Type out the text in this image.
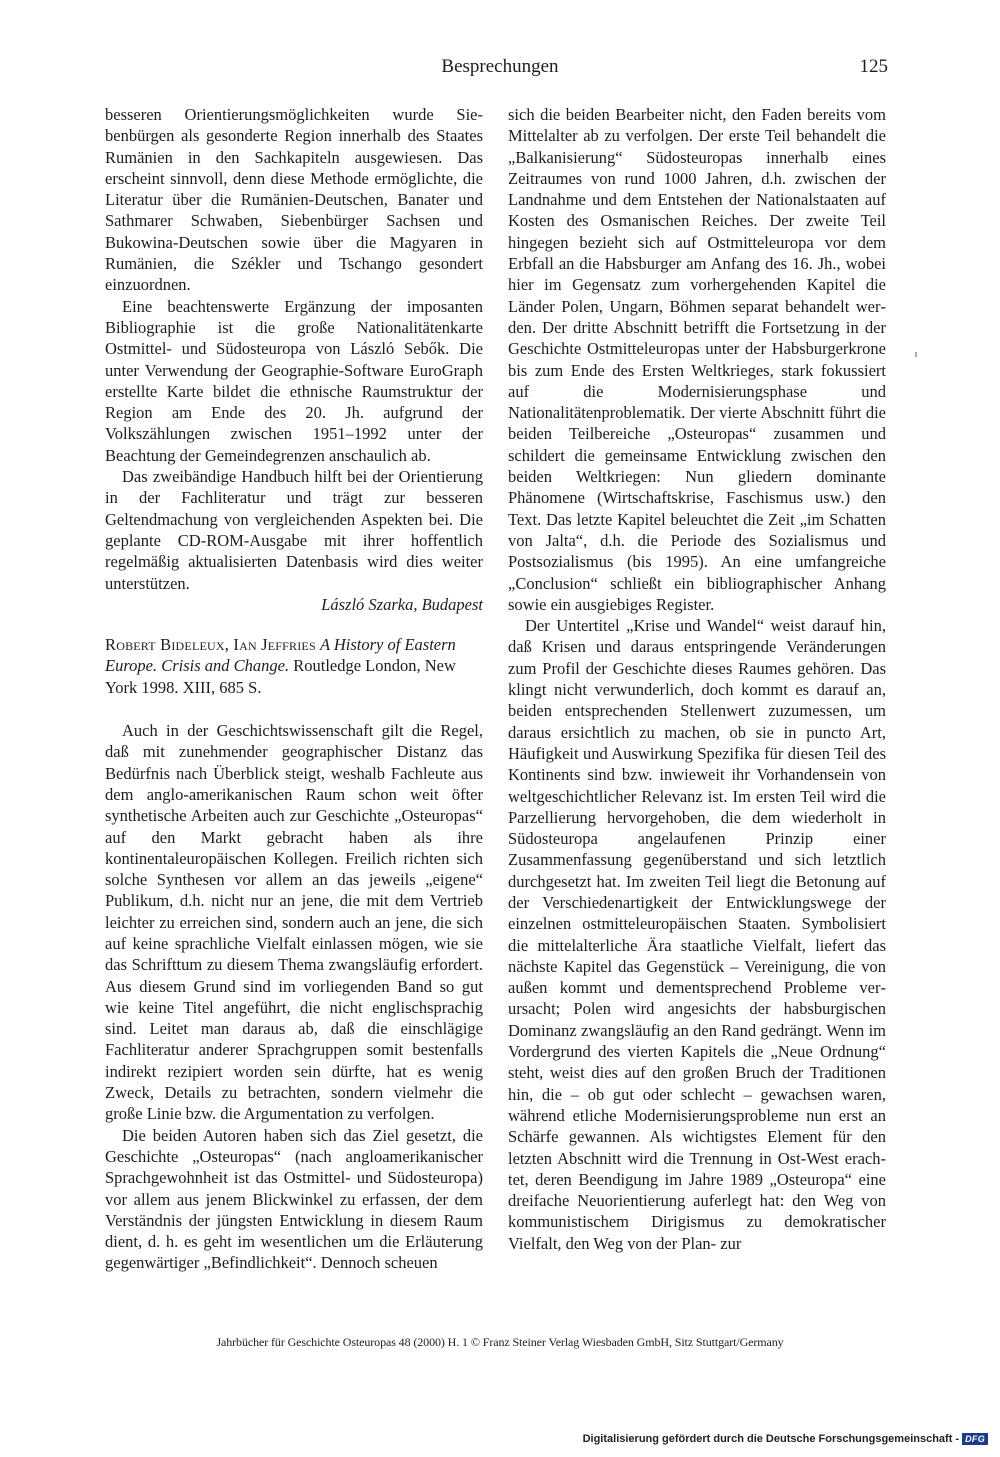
Besprechungen	125

besseren Orientierungsmöglichkeiten wurde Siebenbürgen als gesonderte Region innerhalb des Staates Rumänien in den Sachkapiteln ausgewiesen. Das erscheint sinnvoll, denn diese Methode ermöglichte, die Literatur über die Rumänien-Deutschen, Banater und Sathmarer Schwaben, Siebenbürger Sachsen und Bukowina-Deutschen sowie über die Magyaren in Rumänien, die Székler und Tschango gesondert einzuordnen.

Eine beachtenswerte Ergänzung der imposanten Bibliographie ist die große Nationalitätenkarte Ostmittel- und Südosteuropa von László Sebők. Die unter Verwendung der Geographie-Software EuroGraph erstellte Karte bildet die ethnische Raumstruktur der Region am Ende des 20. Jh. aufgrund der Volkszählungen zwischen 1951–1992 unter der Beachtung der Gemeindegrenzen anschaulich ab.

Das zweibändige Handbuch hilft bei der Orientierung in der Fachliteratur und trägt zur besseren Geltendmachung von vergleichenden Aspekten bei. Die geplante CD-ROM-Ausgabe mit ihrer hoffentlich regelmäßig aktualisierten Datenbasis wird dies weiter unterstützen.

László Szarka, Budapest

Robert Bideleux, Ian Jeffries A History of Eastern Europe. Crisis and Change. Routledge London, New York 1998. XIII, 685 S.

Auch in der Geschichtswissenschaft gilt die Regel, daß mit zunehmender geographischer Distanz das Bedürfnis nach Überblick steigt, weshalb Fachleute aus dem anglo-amerikanischen Raum schon weit öfter synthetische Arbeiten auch zur Geschichte „Osteuropas“ auf den Markt gebracht haben als ihre kontinentaleuropäischen Kollegen. Freilich richten sich solche Synthesen vor allem an das jeweils „eigene“ Publikum, d.h. nicht nur an jene, die mit dem Vertrieb leichter zu erreichen sind, sondern auch an jene, die sich auf keine sprachliche Vielfalt einlassen mögen, wie sie das Schrifttum zu diesem Thema zwangsläufig erfordert. Aus diesem Grund sind im vorliegenden Band so gut wie keine Titel angeführt, die nicht englischsprachig sind. Leitet man daraus ab, daß die einschlägige Fachliteratur anderer Sprachgruppen somit bestenfalls indirekt rezipiert worden sein dürfte, hat es wenig Zweck, Details zu betrachten, sondern vielmehr die große Linie bzw. die Argumentation zu verfolgen.

Die beiden Autoren haben sich das Ziel gesetzt, die Geschichte „Osteuropas“ (nach angloamerikanischer Sprachgewohnheit ist das Ostmittel- und Südosteuropa) vor allem aus jenem Blickwinkel zu erfassen, der dem Verständnis der jüngsten Entwicklung in diesem Raum dient, d. h. es geht im wesentlichen um die Erläuterung gegenwärtiger „Befindlichkeit“. Dennoch scheuen

sich die beiden Bearbeiter nicht, den Faden bereits vom Mittelalter ab zu verfolgen. Der erste Teil behandelt die „Balkanisierung“ Südosteuropas innerhalb eines Zeitraumes von rund 1000 Jahren, d.h. zwischen der Landnahme und dem Entstehen der Nationalstaaten auf Kosten des Osmanischen Reiches. Der zweite Teil hingegen bezieht sich auf Ostmitteleuropa vor dem Erbfall an die Habsburger am Anfang des 16. Jh., wobei hier im Gegensatz zum vorhergehenden Kapitel die Länder Polen, Ungarn, Böhmen separat behandelt werden. Der dritte Abschnitt betrifft die Fortsetzung in der Geschichte Ostmitteleuropas unter der Habsburgerkrone bis zum Ende des Ersten Weltkrieges, stark fokussiert auf die Modernisierungsphase und Nationalitätenproblematik. Der vierte Abschnitt führt die beiden Teilbereiche „Osteuropas“ zusammen und schildert die gemeinsame Entwicklung zwischen den beiden Weltkriegen: Nun gliedern dominante Phänomene (Wirtschaftskrise, Faschismus usw.) den Text. Das letzte Kapitel beleuchtet die Zeit „im Schatten von Jalta“, d.h. die Periode des Sozialismus und Postsozialismus (bis 1995). An eine umfangreiche „Conclusion“ schließt ein bibliographischer Anhang sowie ein ausgiebiges Register.

Der Untertitel „Krise und Wandel“ weist darauf hin, daß Krisen und daraus entspringende Veränderungen zum Profil der Geschichte dieses Raumes gehören. Das klingt nicht verwunderlich, doch kommt es darauf an, beiden entsprechenden Stellenwert zuzumessen, um daraus ersichtlich zu machen, ob sie in puncto Art, Häufigkeit und Auswirkung Spezifika für diesen Teil des Kontinents sind bzw. inwieweit ihr Vorhandensein von weltgeschichtlicher Relevanz ist. Im ersten Teil wird die Parzellierung hervorgehoben, die dem wiederholt in Südosteuropa angelaufenen Prinzip einer Zusammenfassung gegenüberstand und sich letztlich durchgesetzt hat. Im zweiten Teil liegt die Betonung auf der Verschiedenartigkeit der Entwicklungswege der einzelnen ostmitteleuropäischen Staaten. Symbolisiert die mittelalterliche Ära staatliche Vielfalt, liefert das nächste Kapitel das Gegenstück – Vereinigung, die von außen kommt und dementsprechend Probleme verursacht; Polen wird angesichts der habsburgischen Dominanz zwangsläufig an den Rand gedrängt. Wenn im Vordergrund des vierten Kapitels die „Neue Ordnung“ steht, weist dies auf den großen Bruch der Traditionen hin, die – ob gut oder schlecht – gewachsen waren, während etliche Modernisierungsprobleme nun erst an Schärfe gewannen. Als wichtigstes Element für den letzten Abschnitt wird die Trennung in Ost-West erachtet, deren Beendigung im Jahre 1989 „Osteuropa“ eine dreifache Neuorientierung auferlegt hat: den Weg von kommunistischem Dirigismus zu demokratischer Vielfalt, den Weg von der Plan- zur

Jahrbücher für Geschichte Osteuropas 48 (2000) H. 1 © Franz Steiner Verlag Wiesbaden GmbH, Sitz Stuttgart/Germany
Digitalisierung gefördert durch die Deutsche Forschungsgemeinschaft - DFG
